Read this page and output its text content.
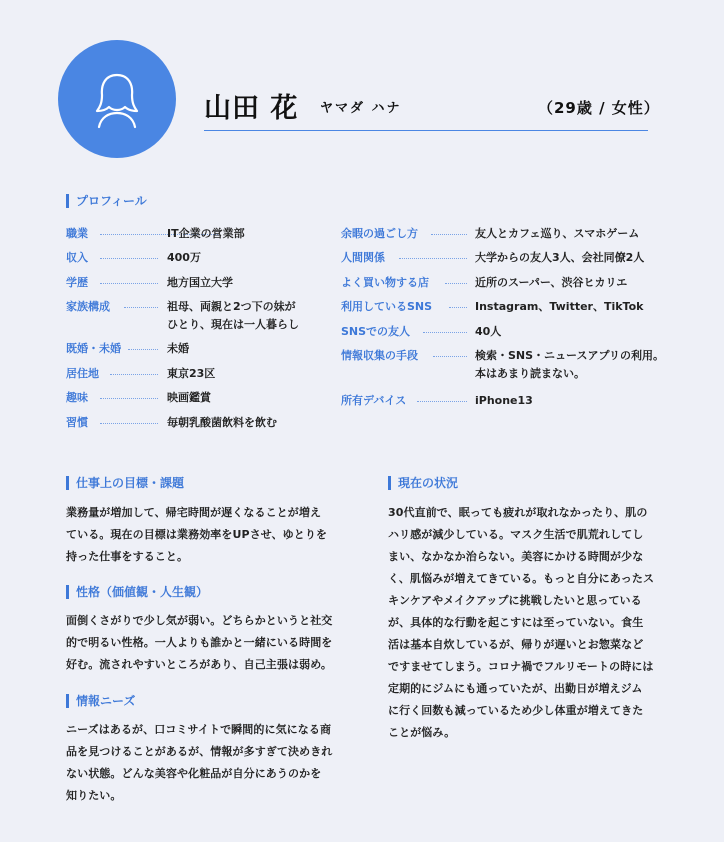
山田 花 ヤマダ ハナ	（29歳 / 女性）
プロフィール
職業	IT企業の営業部
収入	400万
学歴	地方国立大学
家族構成	祖母、両親と2つ下の妹が
ひとり、現在は一人暮らし
既婚・未婚	未婚
居住地	東京23区
趣味	映画鑑賞
習慣	毎朝乳酸菌飲料を飲む
余暇の過ごし方	友人とカフェ巡り、スマホゲーム
人間関係	大学からの友人3人、会社同僚2人
よく買い物する店	近所のスーパー、渋谷ヒカリエ
利用しているSNS	Instagram、Twitter、TikTok
SNSでの友人	40人
情報収集の手段	検索・SNS・ニュースアプリの利用。
本はあまり読まない。
所有デバイス	iPhone13
仕事上の目標・課題
業務量が増加して、帰宅時間が遅くなることが増え
ている。現在の目標は業務効率をUPさせ、ゆとりを
持った仕事をすること。
性格（価値観・人生観）
面倒くさがりで少し気が弱い。どちらかというと社交
的で明るい性格。一人よりも誰かと一緒にいる時間を
好む。流されやすいところがあり、自己主張は弱め。
情報ニーズ
ニーズはあるが、口コミサイトで瞬間的に気になる商
品を見つけることがあるが、情報が多すぎて決めきれ
ない状態。どんな美容や化粧品が自分にあうのかを
知りたい。
現在の状況
30代直前で、眠っても疲れが取れなかったり、肌の
ハリ感が減少している。マスク生活で肌荒れしてし
まい、なかなか治らない。美容にかける時間が少な
く、肌悩みが増えてきている。もっと自分にあったス
キンケアやメイクアップに挑戦したいと思っている
が、具体的な行動を起こすには至っていない。食生
活は基本自炊しているが、帰りが遅いとお惣菜など
ですませてしまう。コロナ禍でフルリモートの時には
定期的にジムにも通っていたが、出勤日が増えジム
に行く回数も減っているため少し体重が増えてきた
ことが悩み。
